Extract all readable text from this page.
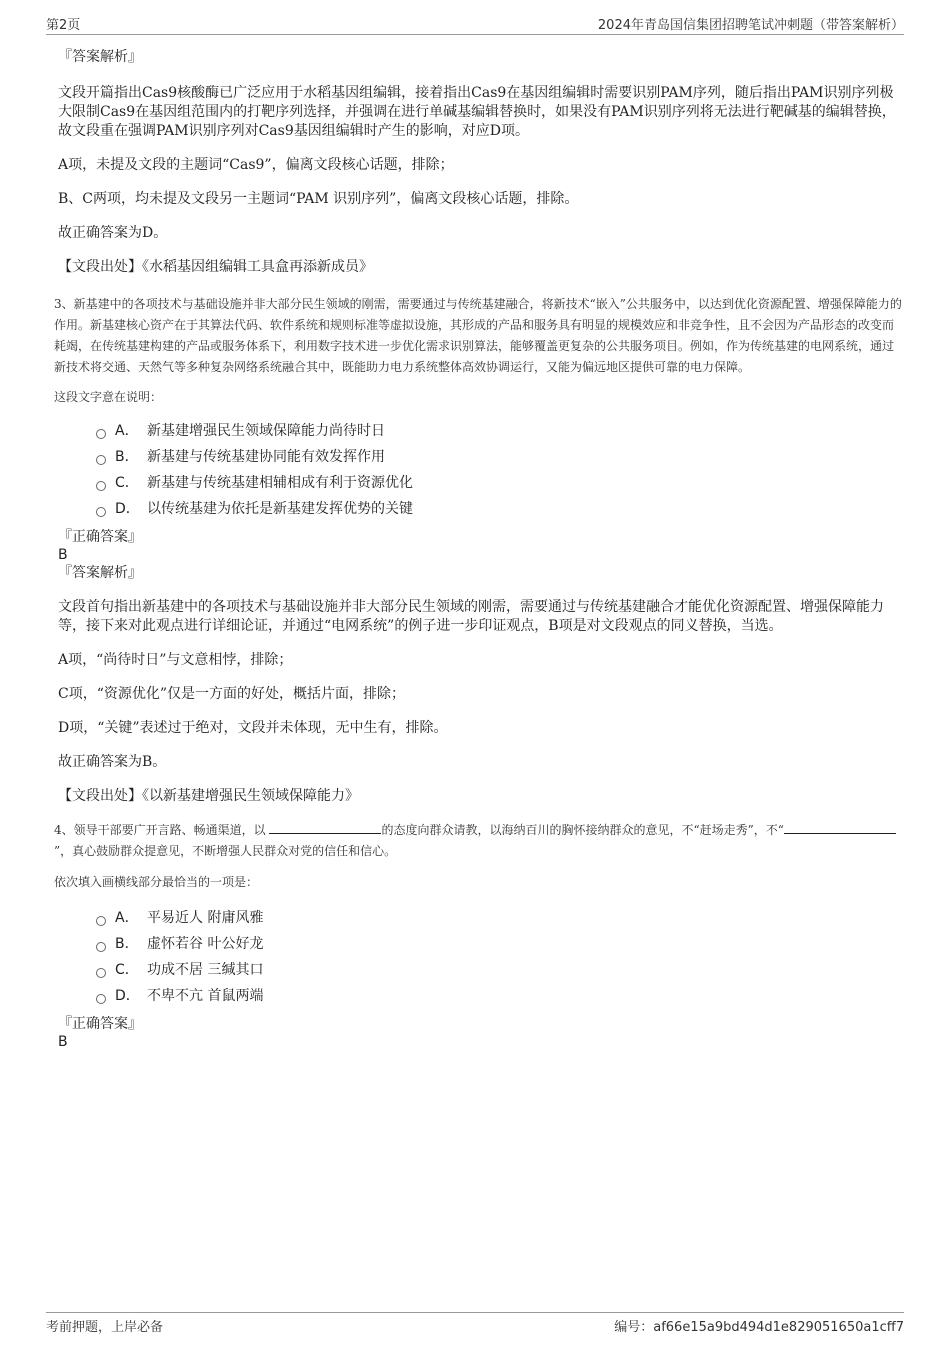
第2页	2024年青岛国信集团招聘笔试冲刺题（带答案解析）

『答案解析』

文段开篇指出Cas9核酸酶已广泛应用于水稻基因组编辑，接着指出Cas9在基因组编辑时需要识别PAM序列，随后指出PAM识别序列极大限制Cas9在基因组范围内的打靶序列选择，并强调在进行单碱基编辑替换时，如果没有PAM识别序列将无法进行靶碱基的编辑替换，故文段重在强调PAM识别序列对Cas9基因组编辑时产生的影响，对应D项。

A项，未提及文段的主题词“Cas9”，偏离文段核心话题，排除；

B、C两项，均未提及文段另一主题词“PAM 识别序列”，偏离文段核心话题，排除。

故正确答案为D。

【文段出处】《水稻基因组编辑工具盒再添新成员》

3、新基建中的各项技术与基础设施并非大部分民生领域的刚需，需要通过与传统基建融合，将新技术“嵌入”公共服务中，以达到优化资源配置、增强保障能力的作用。新基建核心资产在于其算法代码、软件系统和规则标准等虚拟设施，其形成的产品和服务具有明显的规模效应和非竞争性，且不会因为产品形态的改变而耗竭，在传统基建构建的产品或服务体系下，利用数字技术进一步优化需求识别算法，能够覆盖更复杂的公共服务项目。例如，作为传统基建的电网系统，通过新技术将交通、天然气等多种复杂网络系统融合其中，既能助力电力系统整体高效协调运行，又能为偏远地区提供可靠的电力保障。

这段文字意在说明：

A． 新基建增强民生领域保障能力尚待时日
B． 新基建与传统基建协同能有效发挥作用
C． 新基建与传统基建相辅相成有利于资源优化
D． 以传统基建为依托是新基建发挥优势的关键

『正确答案』

B

『答案解析』

文段首句指出新基建中的各项技术与基础设施并非大部分民生领域的刚需，需要通过与传统基建融合才能优化资源配置、增强保障能力等，接下来对此观点进行详细论证，并通过“电网系统”的例子进一步印证观点，B项是对文段观点的同义替换，当选。

A项，“尚待时日”与文意相悖，排除；

C项，“资源优化”仅是一方面的好处，概括片面，排除；

D项，“关键”表述过于绝对，文段并未体现，无中生有，排除。

故正确答案为B。

【文段出处】《以新基建增强民生领域保障能力》

4、领导干部要广开言路、畅通渠道，以	的态度向群众请教，以海纳百川的胸怀接纳群众的意见，不“赶场走秀”，不“”，真心鼓励群众提意见，不断增强人民群众对党的信任和信心。

依次填入画横线部分最恰当的一项是：

A． 平易近人 附庸风雅
B． 虚怀若谷 叶公好龙
C． 功成不居 三缄其口
D． 不卑不亢 首鼠两端

『正确答案』

B

考前押题，上岸必备	编号：af66e15a9bd494d1e829051650a1cff7
